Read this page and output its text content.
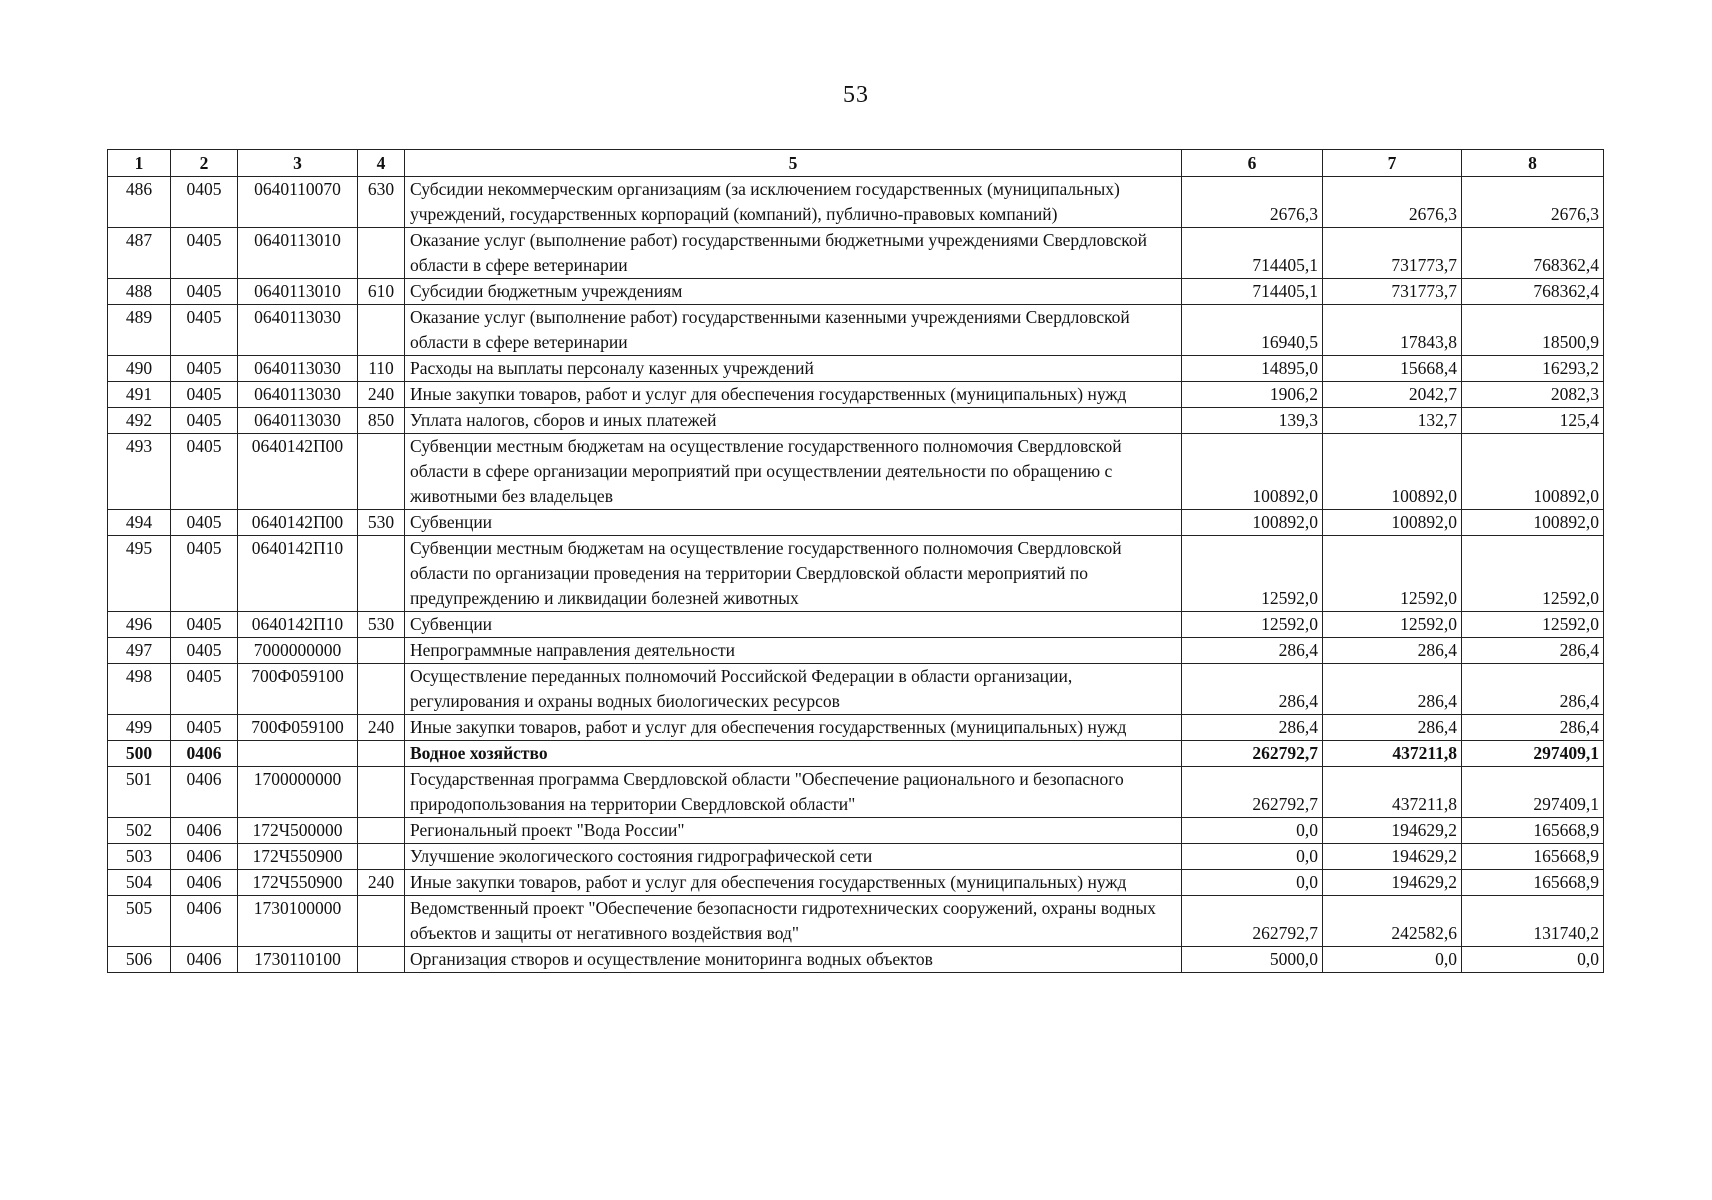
53
1	2	3	4	5	6	7	8
486	0405	0640110070	630	Субсидии некоммерческим организациям (за исключением государственных (муниципальных) учреждений, государственных корпораций (компаний), публично-правовых компаний)	2676,3	2676,3	2676,3
487	0405	0640113010		Оказание услуг (выполнение работ) государственными бюджетными учреждениями Свердловской области в сфере ветеринарии	714405,1	731773,7	768362,4
488	0405	0640113010	610	Субсидии бюджетным учреждениям	714405,1	731773,7	768362,4
489	0405	0640113030		Оказание услуг (выполнение работ) государственными казенными учреждениями Свердловской области в сфере ветеринарии	16940,5	17843,8	18500,9
490	0405	0640113030	110	Расходы на выплаты персоналу казенных учреждений	14895,0	15668,4	16293,2
491	0405	0640113030	240	Иные закупки товаров, работ и услуг для обеспечения государственных (муниципальных) нужд	1906,2	2042,7	2082,3
492	0405	0640113030	850	Уплата налогов, сборов и иных платежей	139,3	132,7	125,4
493	0405	0640142П00		Субвенции местным бюджетам на осуществление государственного полномочия Свердловской области в сфере организации мероприятий при осуществлении деятельности по обращению с животными без владельцев	100892,0	100892,0	100892,0
494	0405	0640142П00	530	Субвенции	100892,0	100892,0	100892,0
495	0405	0640142П10		Субвенции местным бюджетам на осуществление государственного полномочия Свердловской области по организации проведения на территории Свердловской области мероприятий по предупреждению и ликвидации болезней животных	12592,0	12592,0	12592,0
496	0405	0640142П10	530	Субвенции	12592,0	12592,0	12592,0
497	0405	7000000000		Непрограммные направления деятельности	286,4	286,4	286,4
498	0405	700Ф059100		Осуществление переданных полномочий Российской Федерации в области организации, регулирования и охраны водных биологических ресурсов	286,4	286,4	286,4
499	0405	700Ф059100	240	Иные закупки товаров, работ и услуг для обеспечения государственных (муниципальных) нужд	286,4	286,4	286,4
500	0406			Водное хозяйство	262792,7	437211,8	297409,1
501	0406	1700000000		Государственная программа Свердловской области "Обеспечение рационального и безопасного природопользования на территории Свердловской области"	262792,7	437211,8	297409,1
502	0406	172Ч500000		Региональный проект "Вода России"	0,0	194629,2	165668,9
503	0406	172Ч550900		Улучшение экологического состояния гидрографической сети	0,0	194629,2	165668,9
504	0406	172Ч550900	240	Иные закупки товаров, работ и услуг для обеспечения государственных (муниципальных) нужд	0,0	194629,2	165668,9
505	0406	1730100000		Ведомственный проект "Обеспечение безопасности гидротехнических сооружений, охраны водных объектов и защиты от негативного воздействия вод"	262792,7	242582,6	131740,2
506	0406	1730110100		Организация створов и осуществление мониторинга водных объектов	5000,0	0,0	0,0
